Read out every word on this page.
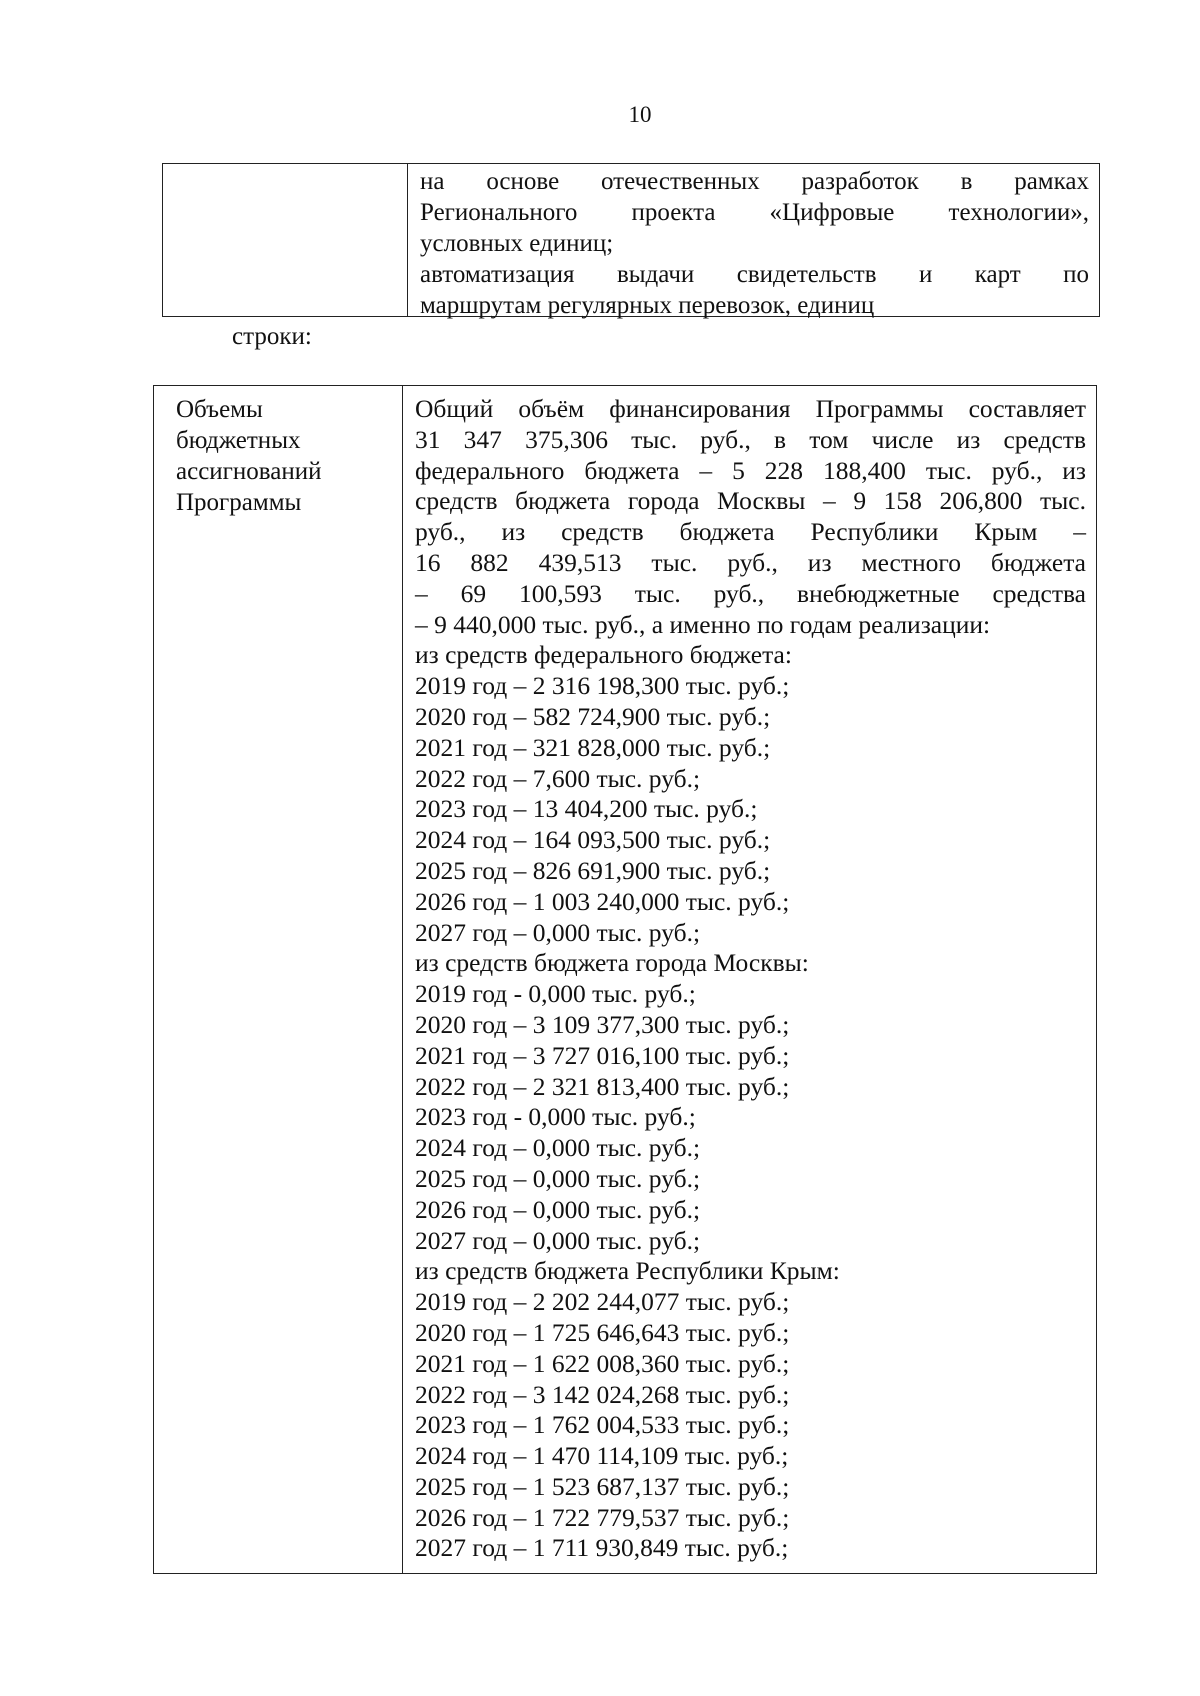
10
на основе отечественных разработок в рамках
Регионального проекта «Цифровые технологии»,
условных единиц;
автоматизация выдачи свидетельств и карт по
маршрутам регулярных перевозок, единиц
строки:
Объемы
бюджетных
ассигнований
Программы
Общий объём финансирования Программы составляет
31 347 375,306 тыс. руб., в том числе из средств
федерального бюджета – 5 228 188,400 тыс. руб., из
средств бюджета города Москвы – 9 158 206,800 тыс.
руб., из средств бюджета Республики Крым –
16 882 439,513 тыс. руб., из местного бюджета
– 69 100,593 тыс. руб., внебюджетные средства
– 9 440,000 тыс. руб., а именно по годам реализации:
из средств федерального бюджета:
2019 год – 2 316 198,300 тыс. руб.;
2020 год – 582 724,900 тыс. руб.;
2021 год – 321 828,000 тыс. руб.;
2022 год – 7,600 тыс. руб.;
2023 год – 13 404,200 тыс. руб.;
2024 год – 164 093,500 тыс. руб.;
2025 год – 826 691,900 тыс. руб.;
2026 год – 1 003 240,000 тыс. руб.;
2027 год – 0,000 тыс. руб.;
из средств бюджета города Москвы:
2019 год - 0,000 тыс. руб.;
2020 год – 3 109 377,300 тыс. руб.;
2021 год – 3 727 016,100 тыс. руб.;
2022 год – 2 321 813,400 тыс. руб.;
2023 год - 0,000 тыс. руб.;
2024 год – 0,000 тыс. руб.;
2025 год – 0,000 тыс. руб.;
2026 год – 0,000 тыс. руб.;
2027 год – 0,000 тыс. руб.;
из средств бюджета Республики Крым:
2019 год – 2 202 244,077 тыс. руб.;
2020 год – 1 725 646,643 тыс. руб.;
2021 год – 1 622 008,360 тыс. руб.;
2022 год – 3 142 024,268 тыс. руб.;
2023 год – 1 762 004,533 тыс. руб.;
2024 год – 1 470 114,109 тыс. руб.;
2025 год – 1 523 687,137 тыс. руб.;
2026 год – 1 722 779,537 тыс. руб.;
2027 год – 1 711 930,849 тыс. руб.;
